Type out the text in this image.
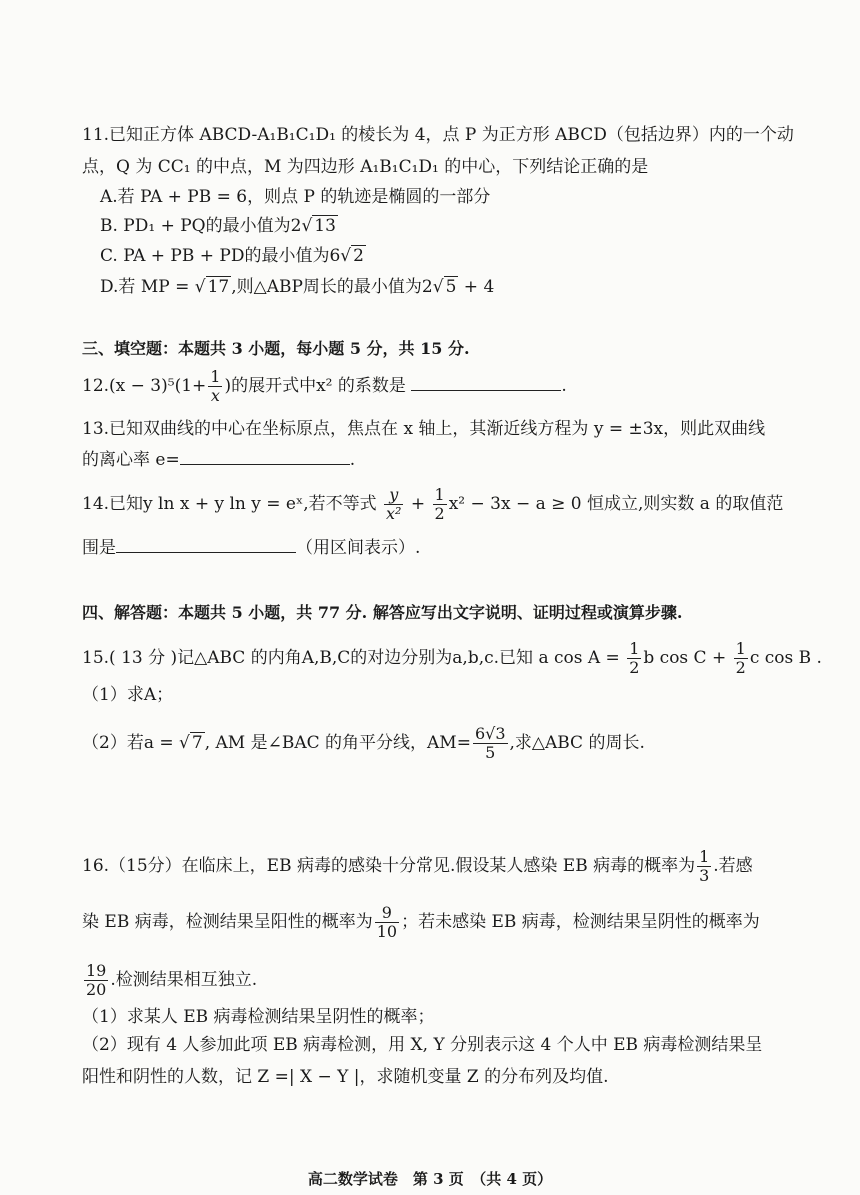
11.已知正方体 ABCD-A₁B₁C₁D₁ 的棱长为 4，点 P 为正方形 ABCD（包括边界）内的一个动
点，Q 为 CC₁ 的中点，M 为四边形 A₁B₁C₁D₁ 的中心，下列结论正确的是
A.若 PA + PB = 6，则点 P 的轨迹是椭圆的一部分
B. PD₁ + PQ的最小值为2√ 13
C. PA + PB + PD的最小值为6√ 2
D.若 MP = √ 17 ,则△ABP周长的最小值为2√ 5 + 4
三、填空题：本题共 3 小题，每小题 5 分，共 15 分.
$12.(x - 3)^5(1+ \frac{1}{x}$ )的展开式中x² 的系数是	.
13.已知双曲线的中心在坐标原点，焦点在 x 轴上，其渐近线方程为 y = ±3x，则此双曲线
的离心率 e=	.
14.已知y ln x + y ln y = eˣ,若不等式 $\frac{y}{\text{x²}} + \frac{1}{2} x^2 - 3x - a \ge 0$ 恒成立,则实数 a 的取值范
围是	（用区间表示）.
四、解答题：本题共 5 小题，共 77 分. 解答应写出文字说明、证明过程或演算步骤.
15.( 13 分 )记△ABC 的内角A,B,C的对边分别为a,b,c.已知 a $\cos A = \frac{1}{2}$ b $\cos C + \frac{1}{2}$ c cos B .
（1）求A；
（2）若a = √ 7 , AM 是∠BAC 的角平分线，$AM= \frac{6√3}{5}$ ,求△ABC 的周长.
16.（15分）在临床上，EB 病毒的感染十分常见.假设某人感染 EB 病毒的概率为 $\frac{1}{3}$ .若感
染 EB 病毒，检测结果呈阳性的概率为 $\frac{9}{10}$ ；若未感染 EB 病毒，检测结果呈阴性的概率为
$\frac{19}{20}$ .检测结果相互独立.
（1）求某人 EB 病毒检测结果呈阴性的概率；
（2）现有 4 人参加此项 EB 病毒检测，用 X, Y 分别表示这 4 个人中 EB 病毒检测结果呈
阳性和阴性的人数，记 Z =| X − Y |，求随机变量 Z 的分布列及均值.
高二数学试卷　第 3 页　（共 4 页）
